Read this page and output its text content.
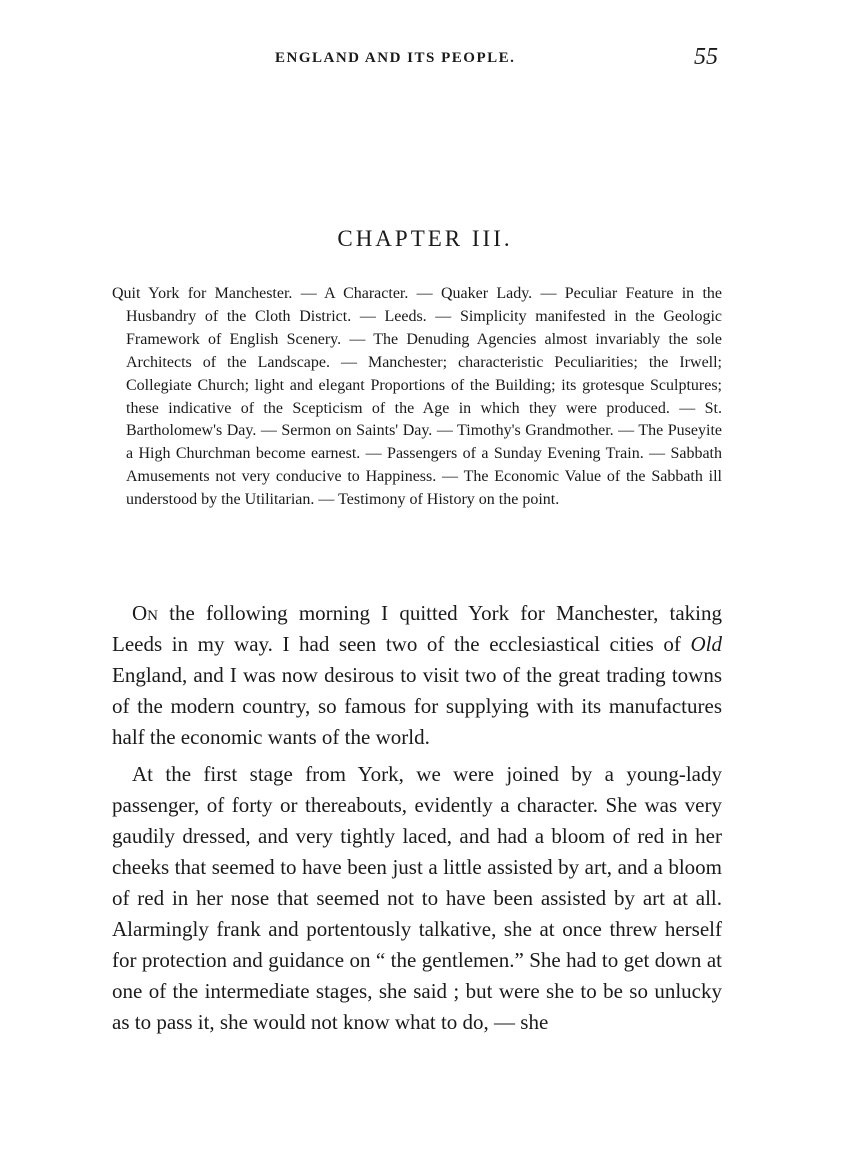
ENGLAND AND ITS PEOPLE.	55
CHAPTER III.

Quit York for Manchester. — A Character. — Quaker Lady. — Peculiar Feature in the Husbandry of the Cloth District. — Leeds. — Simplicity manifested in the Geologic Framework of English Scenery. — The Denuding Agencies almost invariably the sole Architects of the Landscape. — Manchester; characteristic Peculiarities; the Irwell; Collegiate Church; light and elegant Proportions of the Building; its grotesque Sculptures; these indicative of the Scepticism of the Age in which they were produced. — St. Bartholomew's Day. — Sermon on Saints' Day. — Timothy's Grandmother. — The Puseyite a High Churchman become earnest. — Passengers of a Sunday Evening Train. — Sabbath Amusements not very conducive to Happiness. — The Economic Value of the Sabbath ill understood by the Utilitarian. — Testimony of History on the point.

On the following morning I quitted York for Manchester, taking Leeds in my way. I had seen two of the ecclesiastical cities of Old England, and I was now desirous to visit two of the great trading towns of the modern country, so famous for supplying with its manufactures half the economic wants of the world.

At the first stage from York, we were joined by a young-lady passenger, of forty or thereabouts, evidently a character. She was very gaudily dressed, and very tightly laced, and had a bloom of red in her cheeks that seemed to have been just a little assisted by art, and a bloom of red in her nose that seemed not to have been assisted by art at all. Alarmingly frank and portentously talkative, she at once threw herself for protection and guidance on “ the gentlemen.” She had to get down at one of the intermediate stages, she said ; but were she to be so unlucky as to pass it, she would not know what to do, — she
